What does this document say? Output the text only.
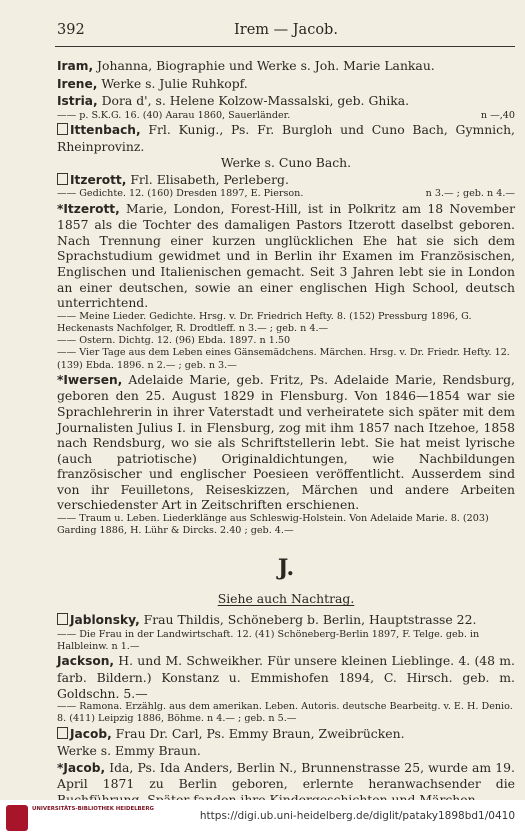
392	Irem — Jacob.

Iram, Johanna, Biographie und Werke s. Joh. Marie Lankau.

Irene, Werke s. Julie Ruhkopf.

Istria, Dora d', s. Helene Kolzow-Massalski, geb. Ghika.

—— p. S.K.G. 16. (40) Aarau 1860, Sauerländer.	n —,40

Ittenbach, Frl. Kunig., Ps. Fr. Burgloh und Cuno Bach, Gymnich, Rheinprovinz.

Werke s. Cuno Bach.

Itzerott, Frl. Elisabeth, Perleberg.

—— Gedichte. 12. (160) Dresden 1897, E. Pierson.	n 3.— ; geb. n 4.—

*Itzerott, Marie, London, Forest-Hill, ist in Polkritz am 18 November 1857 als die Tochter des damaligen Pastors Itzerott daselbst geboren. Nach Trennung einer kurzen unglücklichen Ehe hat sie sich dem Sprachstudium gewidmet und in Berlin ihr Examen im Französischen, Englischen und Italienischen gemacht. Seit 3 Jahren lebt sie in London an einer deutschen, sowie an einer englischen High School, deutsch unterrichtend.

—— Meine Lieder. Gedichte. Hrsg. v. Dr. Friedrich Hefty. 8. (152) Pressburg 1896, G. Heckenasts Nachfolger, R. Drodtleff. n 3.— ; geb. n 4.—

—— Ostern. Dichtg. 12. (96) Ebda. 1897. n 1.50

—— Vier Tage aus dem Leben eines Gänsemädchens. Märchen. Hrsg. v. Dr. Friedr. Hefty. 12. (139) Ebda. 1896. n 2.— ; geb. n 3.—

*Iwersen, Adelaide Marie, geb. Fritz, Ps. Adelaide Marie, Rendsburg, geboren den 25. August 1829 in Flensburg. Von 1846—1854 war sie Sprachlehrerin in ihrer Vaterstadt und verheiratete sich später mit dem Journalisten Julius I. in Flensburg, zog mit ihm 1857 nach Itzehoe, 1858 nach Rendsburg, wo sie als Schriftstellerin lebt. Sie hat meist lyrische (auch patriotische) Originaldichtungen, wie Nachbildungen französischer und englischer Poesieen veröffentlicht. Ausserdem sind von ihr Feuilletons, Reiseskizzen, Märchen und andere Arbeiten verschiedenster Art in Zeitschriften erschienen.

—— Traum u. Leben. Liederklänge aus Schleswig-Holstein. Von Adelaide Marie. 8. (203) Garding 1886, H. Lühr & Dircks. 2.40 ; geb. 4.—

J.

Siehe auch Nachtrag.

Jablonsky, Frau Thildis, Schöneberg b. Berlin, Hauptstrasse 22.

—— Die Frau in der Landwirtschaft. 12. (41) Schöneberg-Berlin 1897, F. Telge. geb. in Halbleinw. n 1.—

Jackson, H. und M. Schweikher. Für unsere kleinen Lieblinge. 4. (48 m. farb. Bildern.) Konstanz u. Emmishofen 1894, C. Hirsch. geb. m. Goldschn. 5.—

—— Ramona. Erzählg. aus dem amerikan. Leben. Autoris. deutsche Bearbeitg. v. E. H. Denio. 8. (411) Leipzig 1886, Böhme. n 4.— ; geb. n 5.—

Jacob, Frau Dr. Carl, Ps. Emmy Braun, Zweibrücken.

Werke s. Emmy Braun.

*Jacob, Ida, Ps. Ida Anders, Berlin N., Brunnenstrasse 25, wurde am 19. April 1871 zu Berlin geboren, erlernte heranwachsender die

UNIVERSITÄTS-BIBLIOTHEK HEIDELBERG
https://digi.ub.uni-heidelberg.de/diglit/pataky1898bd1/0410
